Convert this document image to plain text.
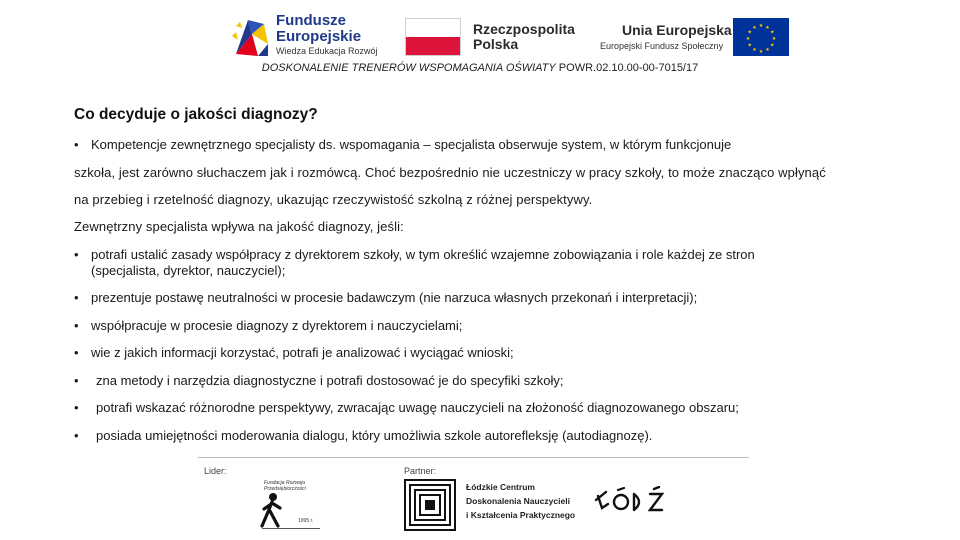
Fundusze
Europejskie
Wiedza Edukacja Rozwój
Rzeczpospolita
Polska
Unia Europejska
Europejski Fundusz Społeczny
★ ★
★
★
★
★
★
★
★
★
★
★
DOSKONALENIE TRENERÓW WSPOMAGANIA OŚWIATY POWR.02.10.00-00-7015/17
Co decyduje o jakości diagnozy?
• Kompetencje zewnętrznego specjalisty ds. wspomagania – specjalista obserwuje system, w którym funkcjonuje
szkoła, jest zarówno słuchaczem jak i rozmówcą. Choć bezpośrednio nie uczestniczy w pracy szkoły, to może znacząco wpłynąć
na przebieg i rzetelność diagnozy, ukazując rzeczywistość szkolną z różnej perspektywy.
Zewnętrzny specjalista wpływa na jakość diagnozy, jeśli:
• potrafi ustalić zasady współpracy z dyrektorem szkoły, w tym określić wzajemne zobowiązania i role każdej ze stron
(specjalista, dyrektor, nauczyciel);
• prezentuje postawę neutralności w procesie badawczym (nie narzuca własnych przekonań i interpretacji);
• współpracuje w procesie diagnozy z dyrektorem i nauczycielami;
• wie z jakich informacji korzystać, potrafi je analizować i wyciągać wnioski;
• zna metody i narzędzia diagnostyczne i potrafi dostosować je do specyfiki szkoły;
• potrafi wskazać różnorodne perspektywy, zwracając uwagę nauczycieli na złożoność diagnozowanego obszaru;
• posiada umiejętności moderowania dialogu, który umożliwia szkole autorefleksję (autodiagnozę).
Lider:	Partner:
Fundacja Rozwoju
Przedsiębiorczości
1995 r.
Łódzkie Centrum
Doskonalenia Nauczycieli
i Kształcenia Praktycznego
